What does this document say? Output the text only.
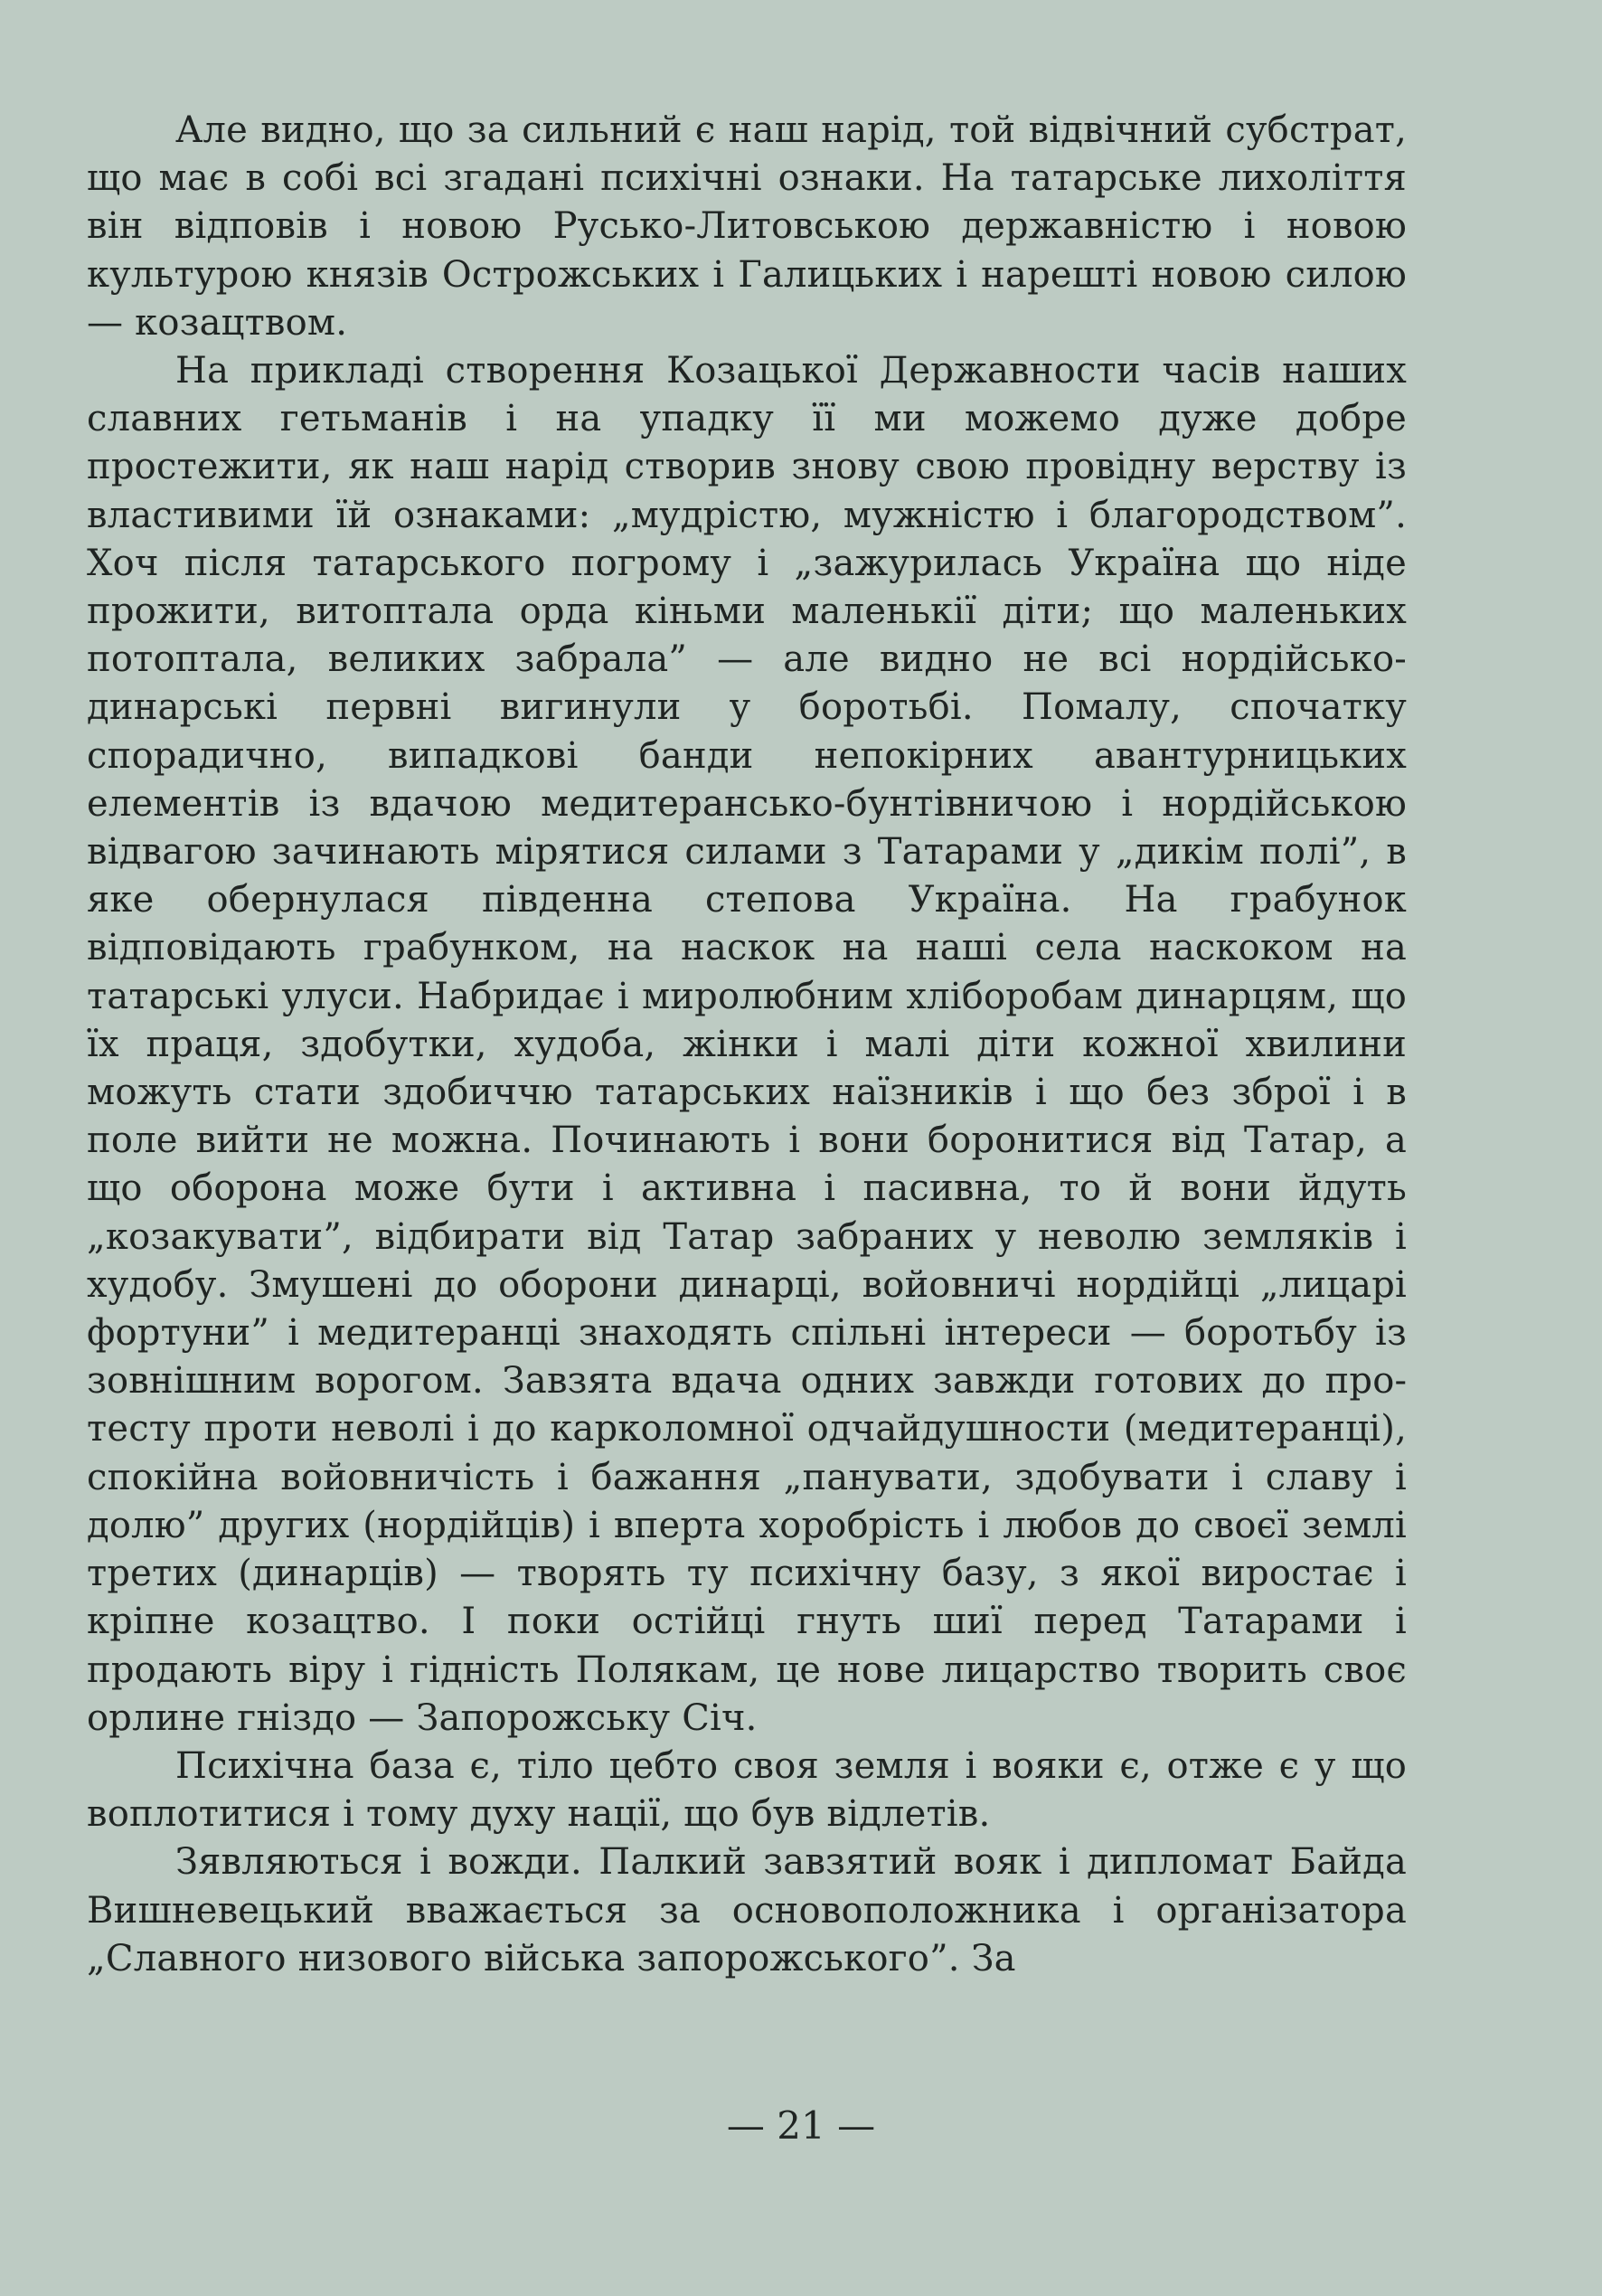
Але видно, що за сильний є наш нарід, той відвічний субстрат, що має в собі всі згадані психічні ознаки. На татарське лихоліття він відповів і новою Русько-Литовською державністю і новою культурою князів Острожських і Галицьких і нарешті новою силою — козацтвом.

На прикладі створення Козацької Державности часів наших славних гетьманів і на упадку її ми можемо дуже добре простежити, як наш нарід створив знову свою провідну верству із властивими їй ознаками: „мудрістю, мужністю і благородством”. Хоч після татарського погрому і „зажурилась Україна що ніде прожити, витоптала орда кіньми маленькії діти; що маленьких потоптала, великих забрала” — але видно не всі нордійсько-динарські первні вигинули у боротьбі. Помалу, спочатку спорадично, випадкові банди непокірних авантурницьких елементів із вдачою медитерансько-бунтівничою і нордійською відвагою зачинають мірятися силами з Татарами у „дикім полі”, в яке обернулася південна степова Україна. На грабунок відповідають грабунком, на наскок на наші села наскоком на татарські улуси. Набридає і миролюбним хліборобам динарцям, що їх праця, здобутки, худоба, жінки і малі діти кожної хвилини можуть стати здобиччю татарських наїзників і що без зброї і в поле вийти не можна. Починають і вони боронитися від Татар, а що оборона може бути і активна і пасивна, то й вони йдуть „козакувати”, відбирати від Татар забраних у неволю земляків і худобу. Змушені до оборони динарці, войовничі нордійці „лицарі фортуни” і медитеранці знаходять спільні інтереси — боротьбу із зовнішним ворогом. Завзята вдача одних завжди готових до протесту проти неволі і до карколомної одчайдушности (медитеранці), спокійна войовничість і бажання „панувати, здобувати і славу і долю” других (нордійців) і вперта хоробрість і любов до своєї землі третих (динарців) — творять ту психічну базу, з якої виростає і кріпне козацтво. І поки остійці гнуть шиї перед Татарами і продають віру і гідність Полякам, це нове лицарство творить своє орлине гніздо — Запорожську Січ.

Психічна база є, тіло цебто своя земля і вояки є, отже є у що воплотитися і тому духу нації, що був відлетів.

Зявляються і вожди. Палкий завзятий вояк і дипломат Байда Вишневецький вважається за основоположника і організатора „Славного низового війська запорожського”. За

— 21 —
